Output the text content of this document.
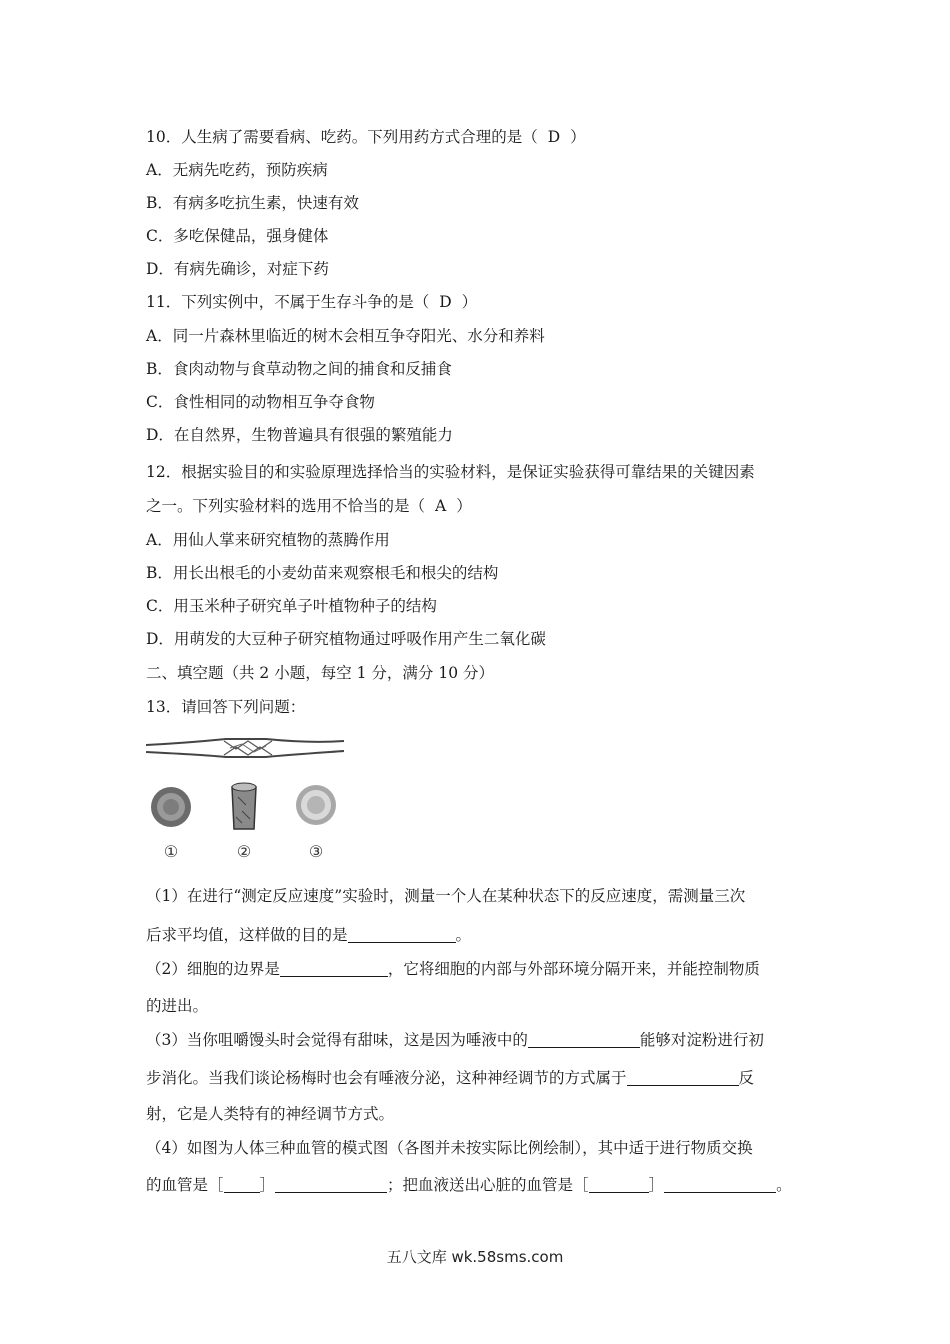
10．人生病了需要看病、吃药。下列用药方式合理的是（ D ）
A．无病先吃药，预防疾病
B．有病多吃抗生素，快速有效
C．多吃保健品，强身健体
D．有病先确诊，对症下药
11．下列实例中，不属于生存斗争的是（ D ）
A．同一片森林里临近的树木会相互争夺阳光、水分和养料
B．食肉动物与食草动物之间的捕食和反捕食
C．食性相同的动物相互争夺食物
D．在自然界，生物普遍具有很强的繁殖能力
12．根据实验目的和实验原理选择恰当的实验材料，是保证实验获得可靠结果的关键因素
之一。下列实验材料的选用不恰当的是（ A ）
A．用仙人掌来研究植物的蒸腾作用
B．用长出根毛的小麦幼苗来观察根毛和根尖的结构
C．用玉米种子研究单子叶植物种子的结构
D．用萌发的大豆种子研究植物通过呼吸作用产生二氧化碳
二、填空题（共 2 小题，每空 1 分，满分 10 分）
13．请回答下列问题：
①	②	③
（1）在进行“测定反应速度”实验时，测量一个人在某种状态下的反应速度，需测量三次
后求平均值，这样做的目的是	。
（2）细胞的边界是	，它将细胞的内部与外部环境分隔开来，并能控制物质
的进出。
（3）当你咀嚼馒头时会觉得有甜味，这是因为唾液中的	能够对淀粉进行初
步消化。当我们谈论杨梅时也会有唾液分泌，这种神经调节的方式属于	反
射，它是人类特有的神经调节方式。
（4）如图为人体三种血管的模式图（各图并未按实际比例绘制），其中适于进行物质交换
的血管是［ ］	；把血液送出心脏的血管是［	］	。
五八文库 wk.58sms.com
